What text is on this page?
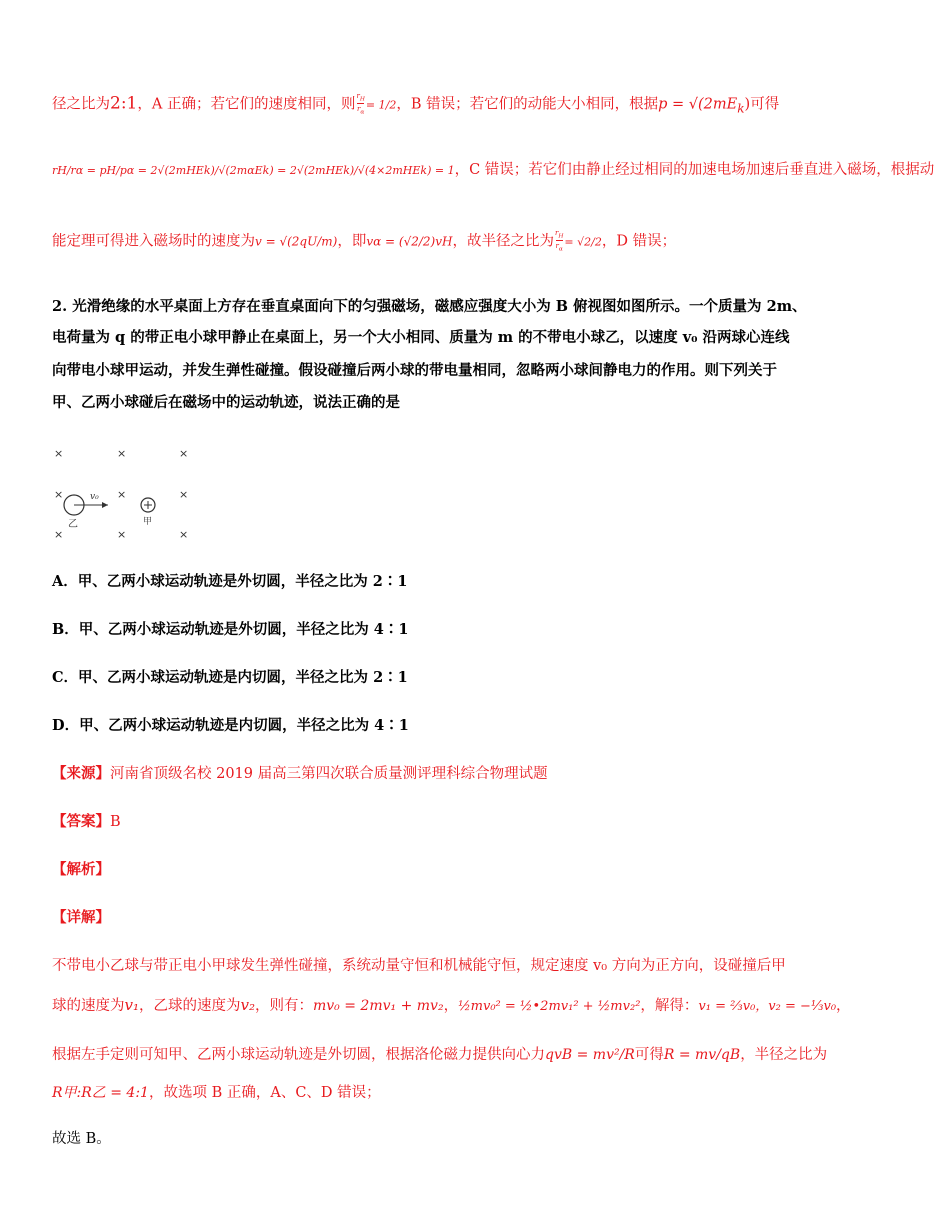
径之比为2:1，A 正确；若它们的速度相同，则 $\frac{r_H}{r_\alpha} = 1/2$，B 错误；若它们的动能大小相同，根据$p = √(2mE_k)$可得
rH/rα = pH/pα = 2√(2mHEk)/√(2mαEk) = 2√(2mHEk)/√(4×2mHEk) = 1，C 错误；若它们由静止经过相同的加速电场加速后垂直进入磁场，根据动
能定理可得进入磁场时的速度为v = √(2qU/m)，即vα = (√2/2)vH，故半径之比为 $\frac{r_H}{r_\alpha} = √2/2$，D 错误；
2. 光滑绝缘的水平桌面上方存在垂直桌面向下的匀强磁场，磁感应强度大小为 B 俯视图如图所示。一个质量为 2m、
电荷量为 q 的带正电小球甲静止在桌面上，另一个大小相同、质量为 m 的不带电小球乙，以速度 v₀ 沿两球心连线
向带电小球甲运动，并发生弹性碰撞。假设碰撞后两小球的带电量相同，忽略两小球间静电力的作用。则下列关于
甲、乙两小球碰后在磁场中的运动轨迹，说法正确的是
×	×	×
×	×	×
×	×	×
v₀
乙	甲
A．甲、乙两小球运动轨迹是外切圆，半径之比为 2∶1
B．甲、乙两小球运动轨迹是外切圆，半径之比为 4∶1
C．甲、乙两小球运动轨迹是内切圆，半径之比为 2∶1
D．甲、乙两小球运动轨迹是内切圆，半径之比为 4∶1
【来源】河南省顶级名校 2019 届高三第四次联合质量测评理科综合物理试题
【答案】B
【解析】
【详解】
不带电小乙球与带正电小甲球发生弹性碰撞，系统动量守恒和机械能守恒，规定速度 v₀ 方向为正方向，设碰撞后甲
球的速度为v₁，乙球的速度为v₂，则有：mv₀ = 2mv₁ + mv₂，½mv₀² = ½•2mv₁² + ½mv₂²，解得：v₁ = ⅔v₀，v₂ = −⅓v₀，
根据左手定则可知甲、乙两小球运动轨迹是外切圆，根据洛伦磁力提供向心力qvB = mv²/R可得R = mv/qB，半径之比为
R甲:R乙 = 4:1，故选项 B 正确，A、C、D 错误；
故选 B。
